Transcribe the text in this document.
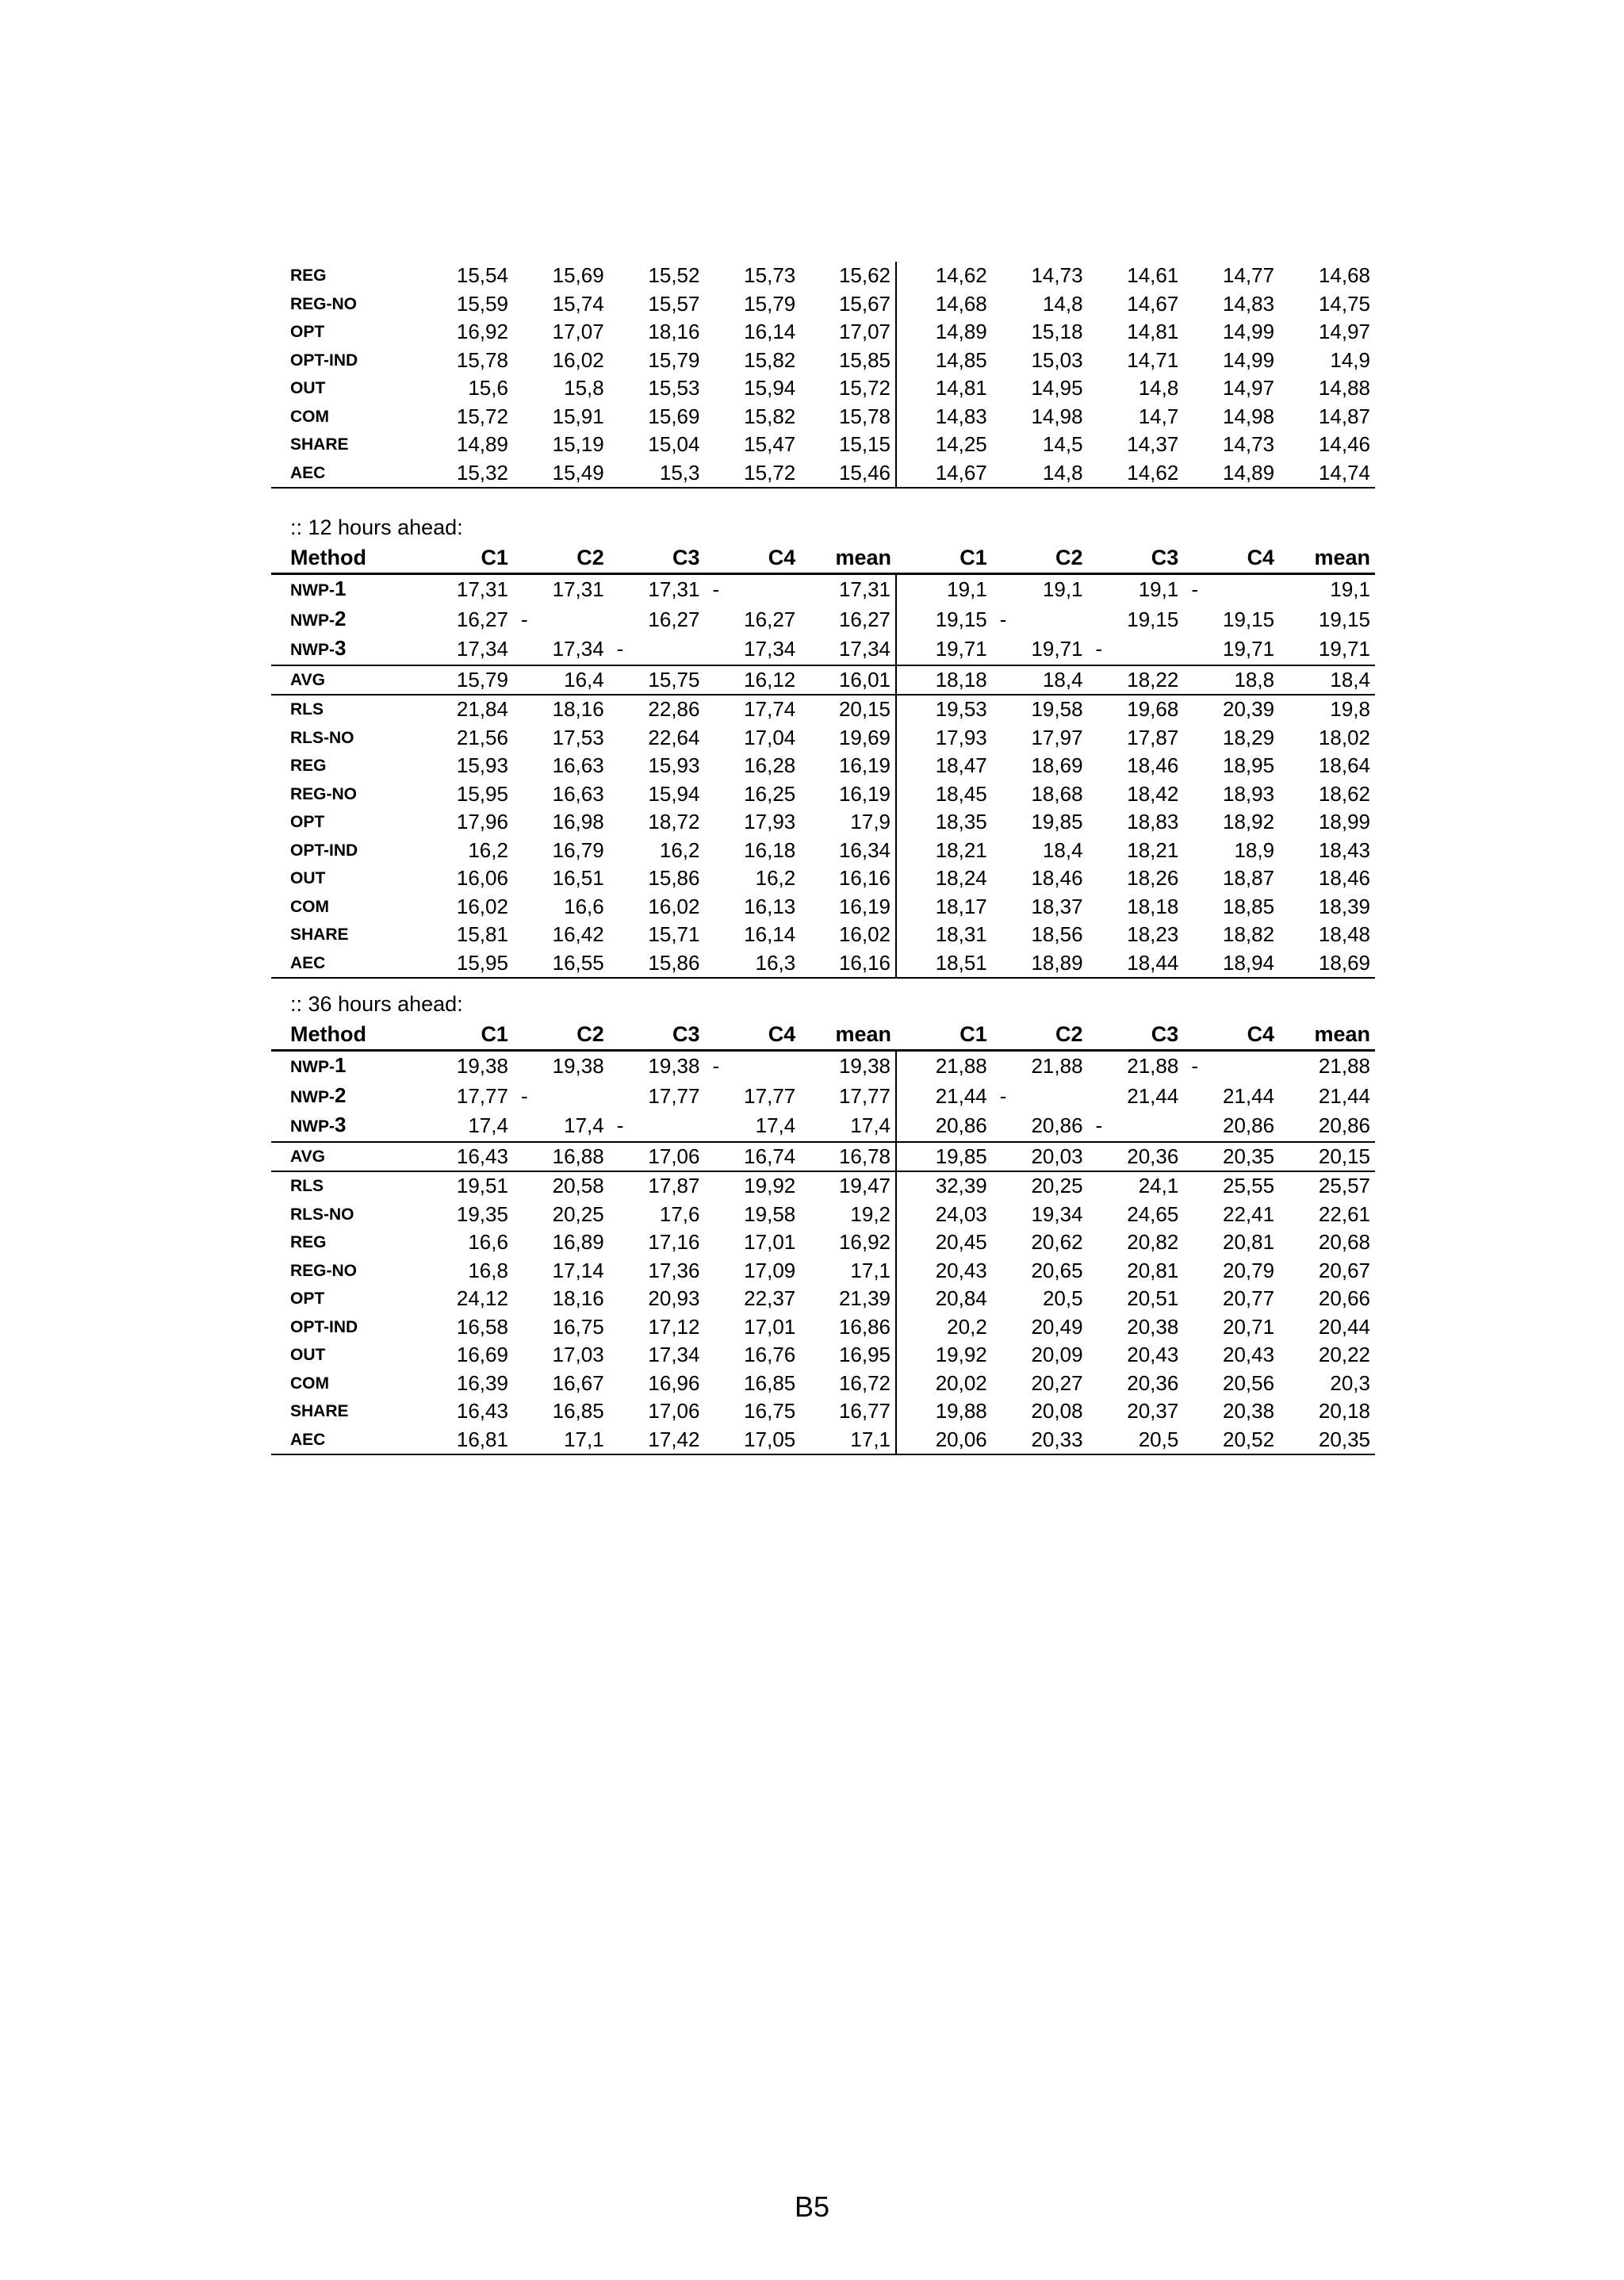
REG	15,54	15,69	15,52	15,73	15,62	14,62	14,73	14,61	14,77	14,68
REG-NO	15,59	15,74	15,57	15,79	15,67	14,68	14,8	14,67	14,83	14,75
OPT	16,92	17,07	18,16	16,14	17,07	14,89	15,18	14,81	14,99	14,97
OPT-IND	15,78	16,02	15,79	15,82	15,85	14,85	15,03	14,71	14,99	14,9
OUT	15,6	15,8	15,53	15,94	15,72	14,81	14,95	14,8	14,97	14,88
COM	15,72	15,91	15,69	15,82	15,78	14,83	14,98	14,7	14,98	14,87
SHARE	14,89	15,19	15,04	15,47	15,15	14,25	14,5	14,37	14,73	14,46
AEC	15,32	15,49	15,3	15,72	15,46	14,67	14,8	14,62	14,89	14,74
:: 12 hours ahead:
Method	C1	C2	C3	C4	mean	C1	C2	C3	C4	mean
NWP-1	17,31	17,31	17,31	-	17,31	19,1	19,1	19,1	-	19,1
NWP-2	16,27	-	16,27	16,27	16,27	19,15	-	19,15	19,15	19,15
NWP-3	17,34	17,34	-	17,34	17,34	19,71	19,71	-	19,71	19,71
AVG	15,79	16,4	15,75	16,12	16,01	18,18	18,4	18,22	18,8	18,4
RLS	21,84	18,16	22,86	17,74	20,15	19,53	19,58	19,68	20,39	19,8
RLS-NO	21,56	17,53	22,64	17,04	19,69	17,93	17,97	17,87	18,29	18,02
REG	15,93	16,63	15,93	16,28	16,19	18,47	18,69	18,46	18,95	18,64
REG-NO	15,95	16,63	15,94	16,25	16,19	18,45	18,68	18,42	18,93	18,62
OPT	17,96	16,98	18,72	17,93	17,9	18,35	19,85	18,83	18,92	18,99
OPT-IND	16,2	16,79	16,2	16,18	16,34	18,21	18,4	18,21	18,9	18,43
OUT	16,06	16,51	15,86	16,2	16,16	18,24	18,46	18,26	18,87	18,46
COM	16,02	16,6	16,02	16,13	16,19	18,17	18,37	18,18	18,85	18,39
SHARE	15,81	16,42	15,71	16,14	16,02	18,31	18,56	18,23	18,82	18,48
AEC	15,95	16,55	15,86	16,3	16,16	18,51	18,89	18,44	18,94	18,69
:: 36 hours ahead:
Method	C1	C2	C3	C4	mean	C1	C2	C3	C4	mean
NWP-1	19,38	19,38	19,38	-	19,38	21,88	21,88	21,88	-	21,88
NWP-2	17,77	-	17,77	17,77	17,77	21,44	-	21,44	21,44	21,44
NWP-3	17,4	17,4	-	17,4	17,4	20,86	20,86	-	20,86	20,86
AVG	16,43	16,88	17,06	16,74	16,78	19,85	20,03	20,36	20,35	20,15
RLS	19,51	20,58	17,87	19,92	19,47	32,39	20,25	24,1	25,55	25,57
RLS-NO	19,35	20,25	17,6	19,58	19,2	24,03	19,34	24,65	22,41	22,61
REG	16,6	16,89	17,16	17,01	16,92	20,45	20,62	20,82	20,81	20,68
REG-NO	16,8	17,14	17,36	17,09	17,1	20,43	20,65	20,81	20,79	20,67
OPT	24,12	18,16	20,93	22,37	21,39	20,84	20,5	20,51	20,77	20,66
OPT-IND	16,58	16,75	17,12	17,01	16,86	20,2	20,49	20,38	20,71	20,44
OUT	16,69	17,03	17,34	16,76	16,95	19,92	20,09	20,43	20,43	20,22
COM	16,39	16,67	16,96	16,85	16,72	20,02	20,27	20,36	20,56	20,3
SHARE	16,43	16,85	17,06	16,75	16,77	19,88	20,08	20,37	20,38	20,18
AEC	16,81	17,1	17,42	17,05	17,1	20,06	20,33	20,5	20,52	20,35
B5
